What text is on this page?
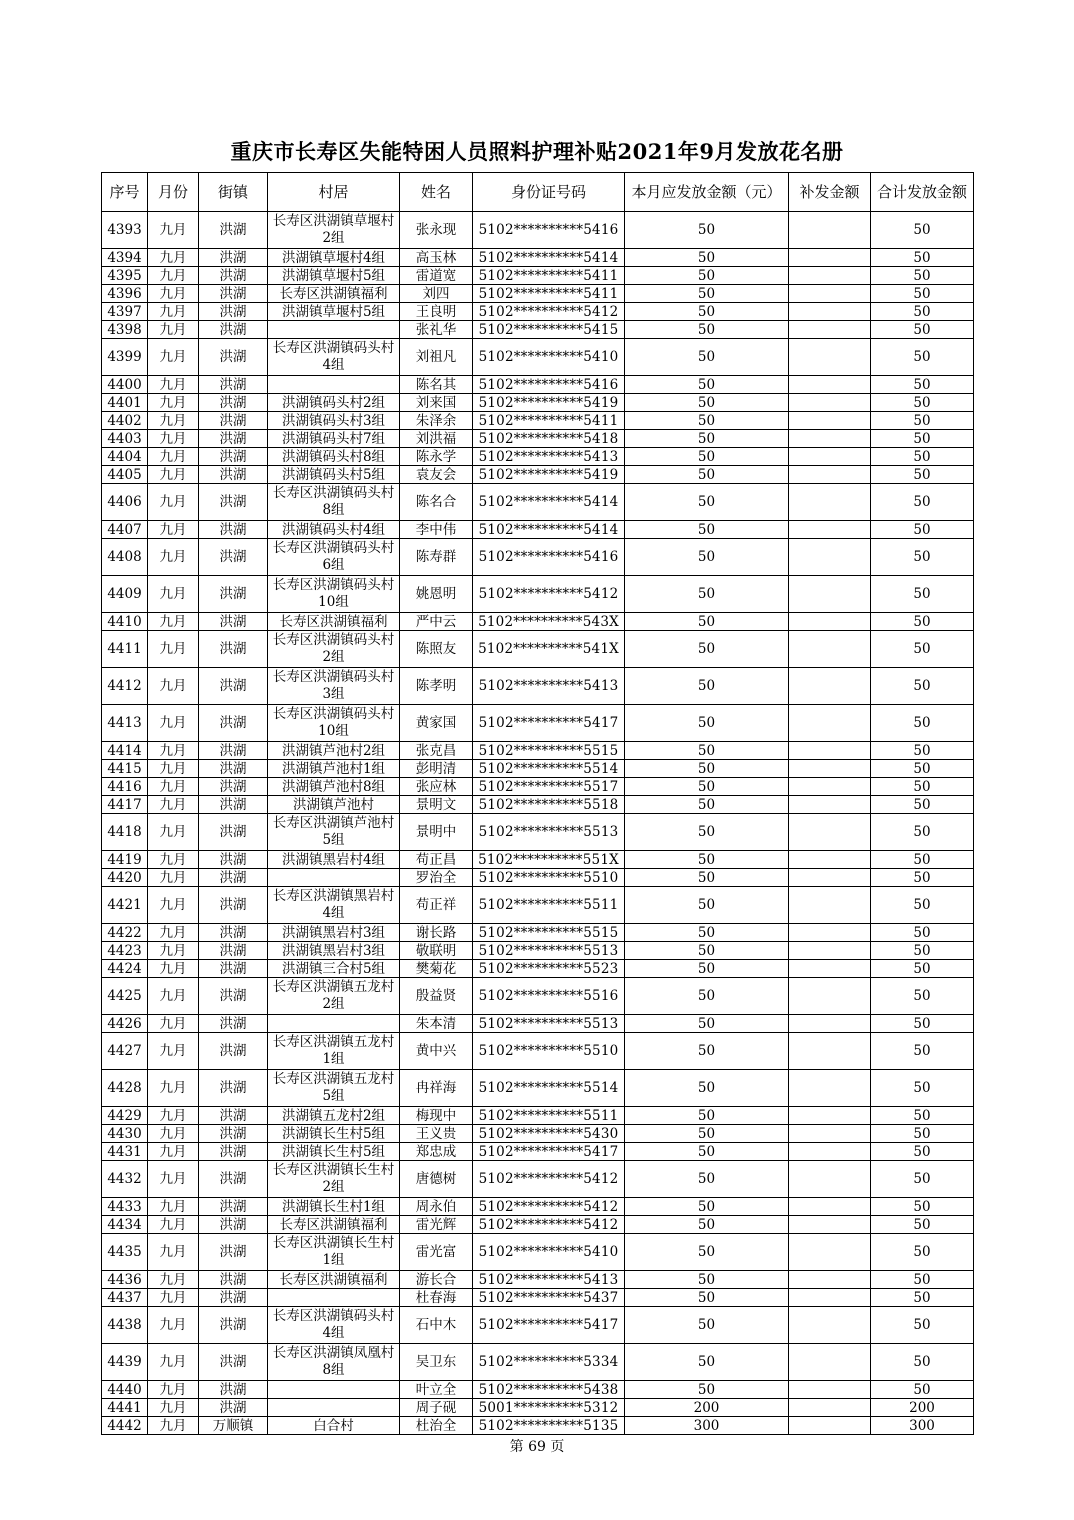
重庆市长寿区失能特困人员照料护理补贴2021年9月发放花名册
序号	月份	街镇	村居	姓名	身份证号码	本月应发放金额（元）	补发金额	合计发放金额
4393	九月	洪湖	长寿区洪湖镇草堰村2组	张永现	5102**********5416	50		50
4394	九月	洪湖	洪湖镇草堰村4组	高玉林	5102**********5414	50		50
4395	九月	洪湖	洪湖镇草堰村5组	雷道宽	5102**********5411	50		50
4396	九月	洪湖	长寿区洪湖镇福利	刘四	5102**********5411	50		50
4397	九月	洪湖	洪湖镇草堰村5组	王良明	5102**********5412	50		50
4398	九月	洪湖		张礼华	5102**********5415	50		50
4399	九月	洪湖	长寿区洪湖镇码头村4组	刘祖凡	5102**********5410	50		50
4400	九月	洪湖		陈名其	5102**********5416	50		50
4401	九月	洪湖	洪湖镇码头村2组	刘来国	5102**********5419	50		50
4402	九月	洪湖	洪湖镇码头村3组	朱泽余	5102**********5411	50		50
4403	九月	洪湖	洪湖镇码头村7组	刘洪福	5102**********5418	50		50
4404	九月	洪湖	洪湖镇码头村8组	陈永学	5102**********5413	50		50
4405	九月	洪湖	洪湖镇码头村5组	袁友会	5102**********5419	50		50
4406	九月	洪湖	长寿区洪湖镇码头村8组	陈名合	5102**********5414	50		50
4407	九月	洪湖	洪湖镇码头村4组	李中伟	5102**********5414	50		50
4408	九月	洪湖	长寿区洪湖镇码头村6组	陈寿群	5102**********5416	50		50
4409	九月	洪湖	长寿区洪湖镇码头村10组	姚恩明	5102**********5412	50		50
4410	九月	洪湖	长寿区洪湖镇福利	严中云	5102**********543X	50		50
4411	九月	洪湖	长寿区洪湖镇码头村2组	陈照友	5102**********541X	50		50
4412	九月	洪湖	长寿区洪湖镇码头村3组	陈孝明	5102**********5413	50		50
4413	九月	洪湖	长寿区洪湖镇码头村10组	黄家国	5102**********5417	50		50
4414	九月	洪湖	洪湖镇芦池村2组	张克昌	5102**********5515	50		50
4415	九月	洪湖	洪湖镇芦池村1组	彭明清	5102**********5514	50		50
4416	九月	洪湖	洪湖镇芦池村8组	张应林	5102**********5517	50		50
4417	九月	洪湖	洪湖镇芦池村	景明文	5102**********5518	50		50
4418	九月	洪湖	长寿区洪湖镇芦池村5组	景明中	5102**********5513	50		50
4419	九月	洪湖	洪湖镇黑岩村4组	苟正昌	5102**********551X	50		50
4420	九月	洪湖		罗治全	5102**********5510	50		50
4421	九月	洪湖	长寿区洪湖镇黑岩村4组	苟正祥	5102**********5511	50		50
4422	九月	洪湖	洪湖镇黑岩村3组	谢长路	5102**********5515	50		50
4423	九月	洪湖	洪湖镇黑岩村3组	敬联明	5102**********5513	50		50
4424	九月	洪湖	洪湖镇三合村5组	樊菊花	5102**********5523	50		50
4425	九月	洪湖	长寿区洪湖镇五龙村2组	殷益贤	5102**********5516	50		50
4426	九月	洪湖		朱本清	5102**********5513	50		50
4427	九月	洪湖	长寿区洪湖镇五龙村1组	黄中兴	5102**********5510	50		50
4428	九月	洪湖	长寿区洪湖镇五龙村5组	冉祥海	5102**********5514	50		50
4429	九月	洪湖	洪湖镇五龙村2组	梅现中	5102**********5511	50		50
4430	九月	洪湖	洪湖镇长生村5组	王义贵	5102**********5430	50		50
4431	九月	洪湖	洪湖镇长生村5组	郑忠成	5102**********5417	50		50
4432	九月	洪湖	长寿区洪湖镇长生村2组	唐德树	5102**********5412	50		50
4433	九月	洪湖	洪湖镇长生村1组	周永伯	5102**********5412	50		50
4434	九月	洪湖	长寿区洪湖镇福利	雷光辉	5102**********5412	50		50
4435	九月	洪湖	长寿区洪湖镇长生村1组	雷光富	5102**********5410	50		50
4436	九月	洪湖	长寿区洪湖镇福利	游长合	5102**********5413	50		50
4437	九月	洪湖		杜春海	5102**********5437	50		50
4438	九月	洪湖	长寿区洪湖镇码头村4组	石中木	5102**********5417	50		50
4439	九月	洪湖	长寿区洪湖镇凤凰村8组	吴卫东	5102**********5334	50		50
4440	九月	洪湖		叶立全	5102**********5438	50		50
4441	九月	洪湖		周子砚	5001**********5312	200		200
4442	九月	万顺镇	白合村	杜治全	5102**********5135	300		300
第 69 页
